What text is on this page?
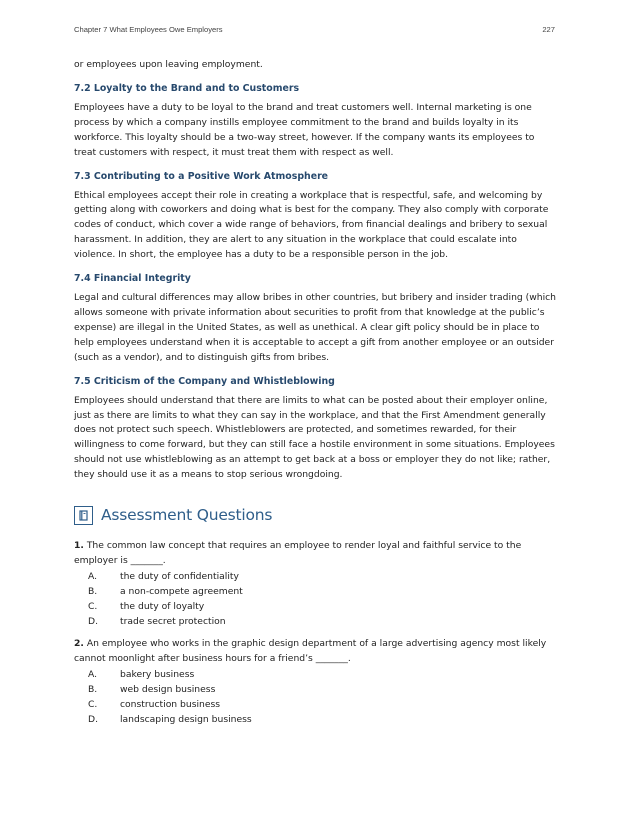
Chapter 7 What Employees Owe Employers	227

or employees upon leaving employment.

7.2 Loyalty to the Brand and to Customers

Employees have a duty to be loyal to the brand and treat customers well. Internal marketing is one process by which a company instills employee commitment to the brand and builds loyalty in its workforce. This loyalty should be a two-way street, however. If the company wants its employees to treat customers with respect, it must treat them with respect as well.

7.3 Contributing to a Positive Work Atmosphere

Ethical employees accept their role in creating a workplace that is respectful, safe, and welcoming by getting along with coworkers and doing what is best for the company. They also comply with corporate codes of conduct, which cover a wide range of behaviors, from financial dealings and bribery to sexual harassment. In addition, they are alert to any situation in the workplace that could escalate into violence. In short, the employee has a duty to be a responsible person in the job.

7.4 Financial Integrity

Legal and cultural differences may allow bribes in other countries, but bribery and insider trading (which allows someone with private information about securities to profit from that knowledge at the public’s expense) are illegal in the United States, as well as unethical. A clear gift policy should be in place to help employees understand when it is acceptable to accept a gift from another employee or an outsider (such as a vendor), and to distinguish gifts from bribes.

7.5 Criticism of the Company and Whistleblowing

Employees should understand that there are limits to what can be posted about their employer online, just as there are limits to what they can say in the workplace, and that the First Amendment generally does not protect such speech. Whistleblowers are protected, and sometimes rewarded, for their willingness to come forward, but they can still face a hostile environment in some situations. Employees should not use whistleblowing as an attempt to get back at a boss or employer they do not like; rather, they should use it as a means to stop serious wrongdoing.

Assessment Questions

1. The common law concept that requires an employee to render loyal and faithful service to the employer is _______.

A.	the duty of confidentiality
B.	a non-compete agreement
C.	the duty of loyalty
D.	trade secret protection

2. An employee who works in the graphic design department of a large advertising agency most likely cannot moonlight after business hours for a friend’s _______.

A.	bakery business
B.	web design business
C.	construction business
D.	landscaping design business
